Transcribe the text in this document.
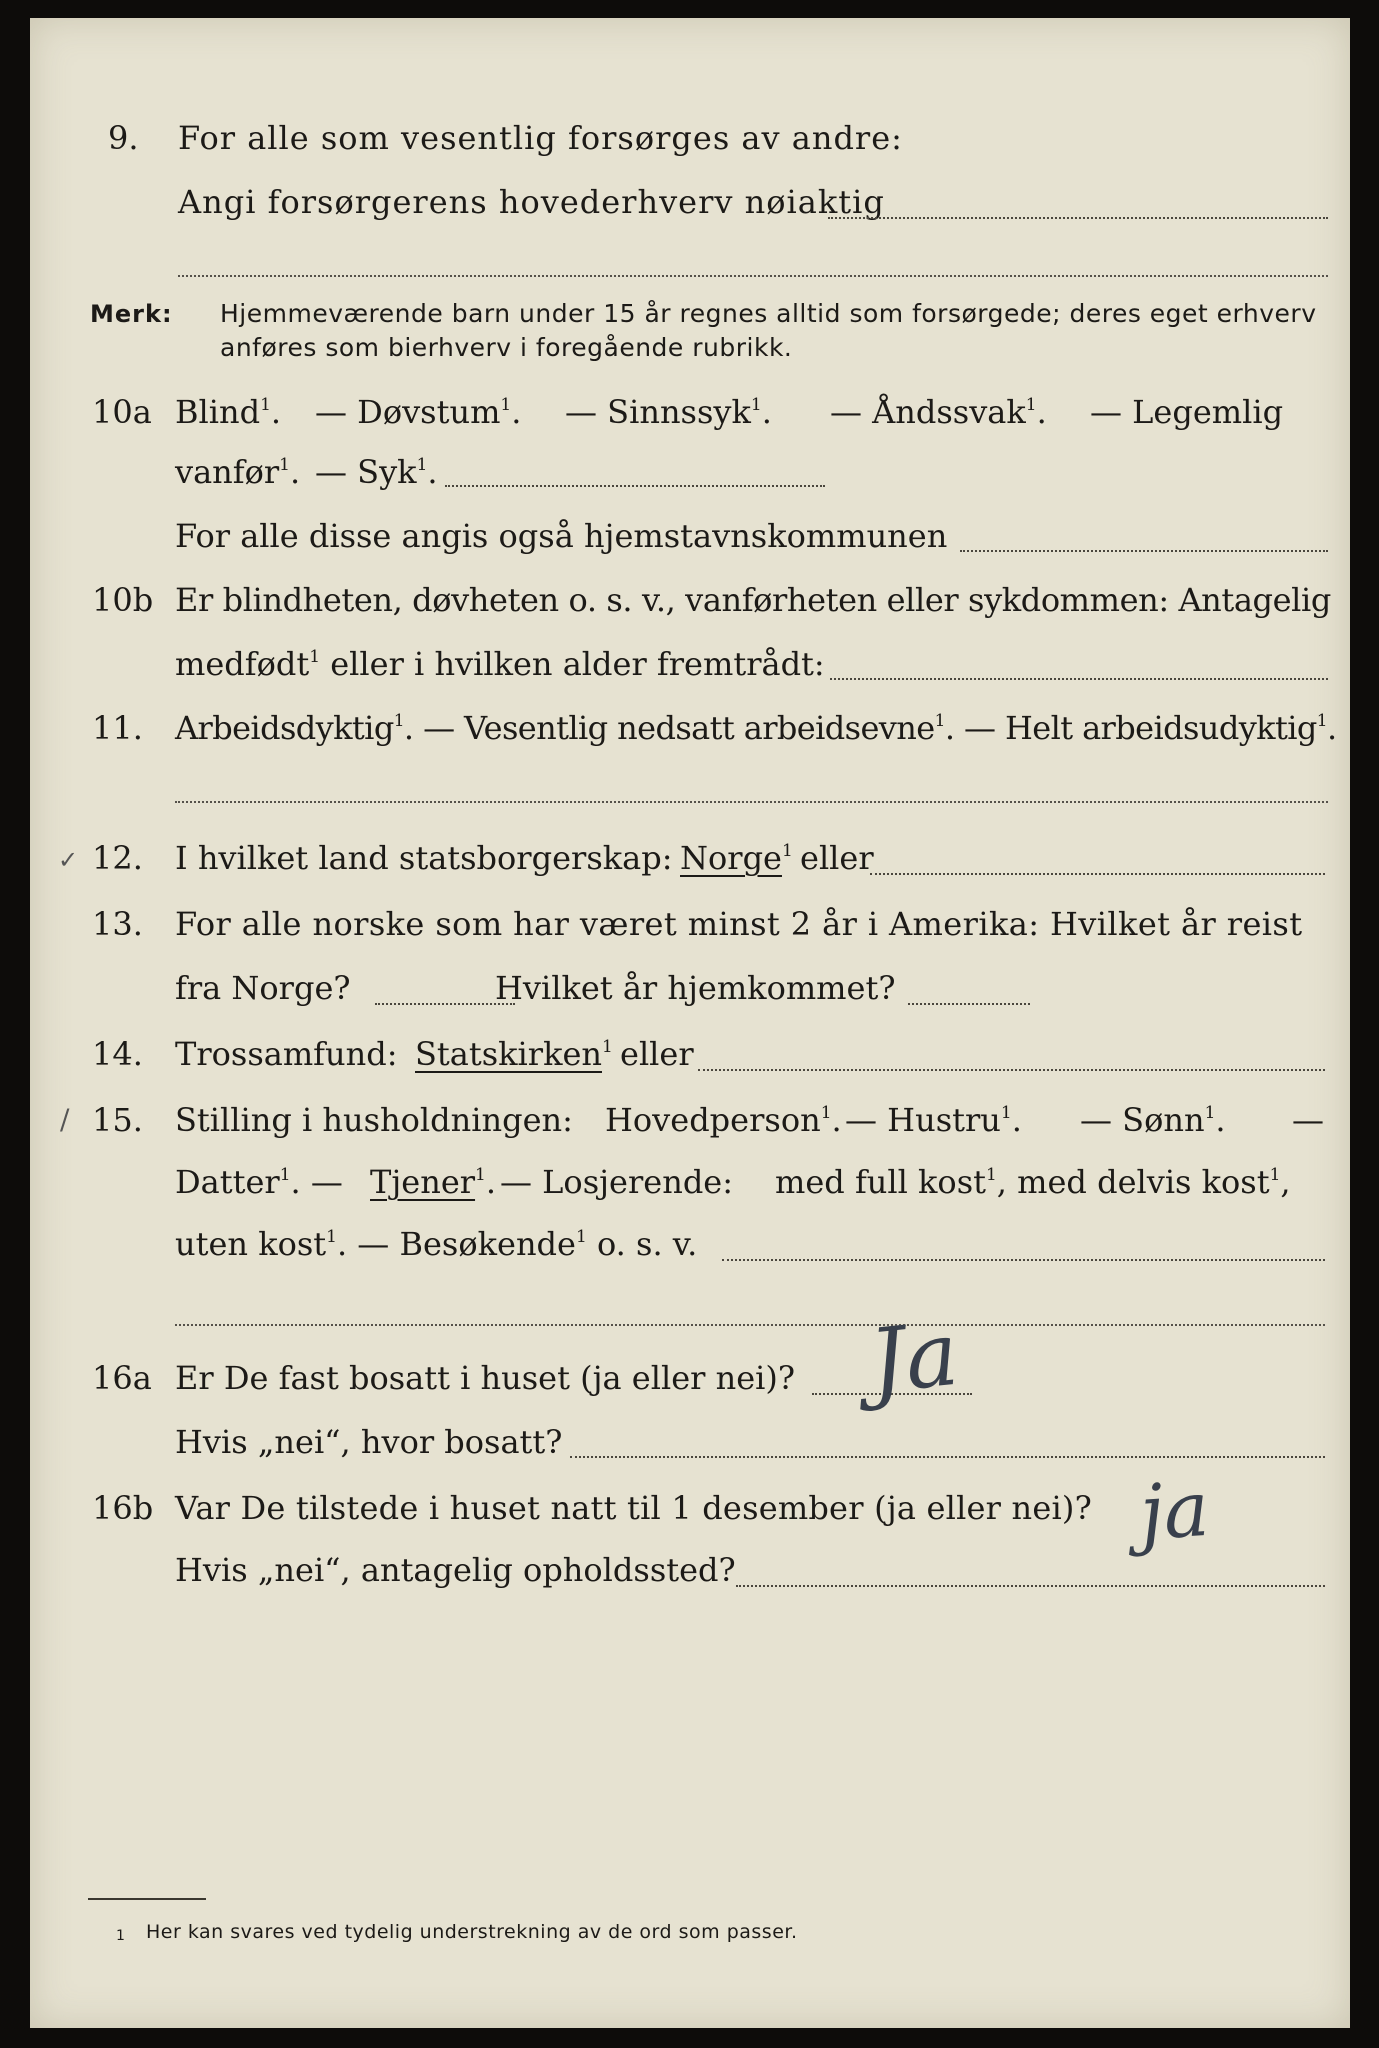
9. For alle som vesentlig forsørges av andre:
Angi forsørgerens hovederhverv nøiaktig
Merk: Hjemmeværende barn under 15 år regnes alltid som forsørgede; deres eget erhverv
anføres som bierhverv i foregående rubrikk.
10a Blind$^1$. — Døvstum$^1$. — Sinnssyk$^1$. — Åndssvak$^1$. — Legemlig
vanfør$^1$. — Syk$^1$.
For alle disse angis også hjemstavnskommunen
10b Er blindheten, døvheten o. s. v., vanførheten eller sykdommen: Antagelig
medfødt$^1$ eller i hvilken alder fremtrådt:
11. Arbeidsdyktig$^1$. — Vesentlig nedsatt arbeidsevne$^1$. — Helt arbeidsudyktig$^1$.
✓ 12. I hvilket land statsborgerskap: Norge$^1$ eller
13. For alle norske som har været minst 2 år i Amerika: Hvilket år reist
fra Norge?	Hvilket år hjemkommet?
14. Trossamfund: Statskirken$^1$ eller
/ 15. Stilling i husholdningen: Hovedperson$^1$. — Hustru$^1$. — Sønn$^1$. —
Datter$^1$. — Tjener$^1$. — Losjerende: med full kost$^1$, med delvis kost$^1$,
uten kost$^1$. — Besøkende$^1$ o. s. v.
16a Er De fast bosatt i huset (ja eller nei)? Ja
Hvis „nei“, hvor bosatt?
16b Var De tilstede i huset natt til 1 desember (ja eller nei)? ja
Hvis „nei“, antagelig opholdssted?
1 Her kan svares ved tydelig understrekning av de ord som passer.
